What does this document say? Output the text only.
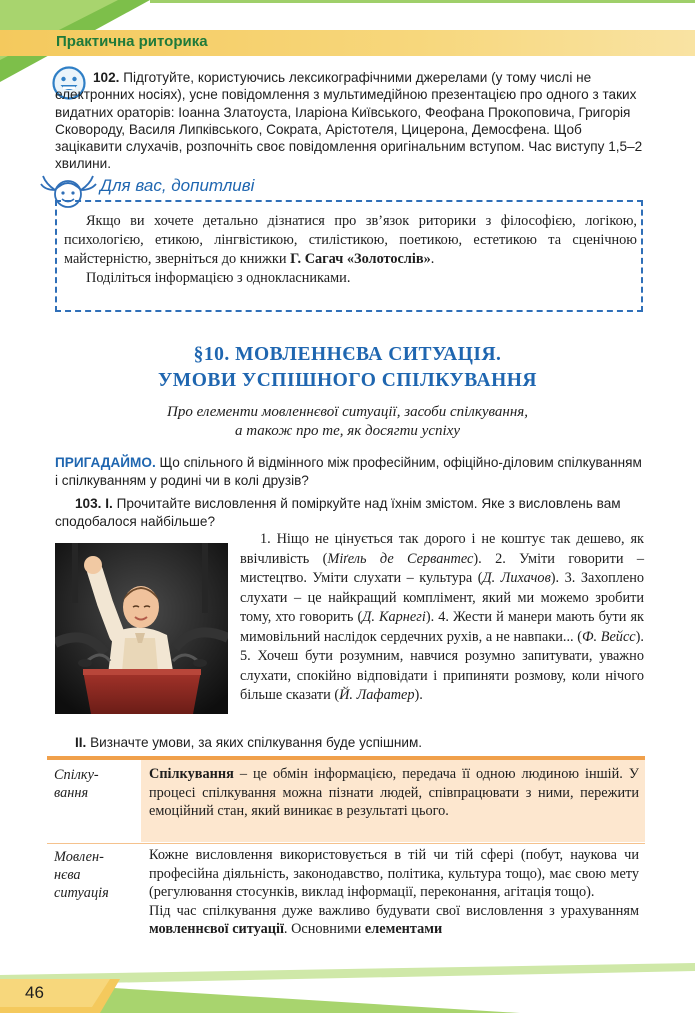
Практична риторика
102. Підготуйте, користуючись лексикографічними джерелами (у тому числі не електронних носіях), усне повідомлення з мультимедійною презентацією про одного з таких видатних ораторів: Іоанна Златоуста, Іларіона Київського, Феофана Прокоповича, Григорія Сковороду, Василя Липківського, Сократа, Арістотеля, Цицерона, Демосфена. Щоб зацікавити слухачів, розпочніть своє повідомлення оригінальним вступом. Час виступу 1,5–2 хвилини.
Для вас, допитливі
Якщо ви хочете детально дізнатися про зв’язок риторики з філософією, логікою, психологією, етикою, лінгвістикою, стилістикою, поетикою, естетикою та сценічною майстерністю, зверніться до книжки Г. Сагач «Золотослів».
Поділіться інформацією з однокласниками.
§10. МОВЛЕННЄВА СИТУАЦІЯ.
УМОВИ УСПІШНОГО СПІЛКУВАННЯ
Про елементи мовленнєвої ситуації, засоби спілкування,
а також про те, як досягти успіху
ПРИГАДАЙМО. Що спільного й відмінного між професійним, офіційно-діловим спілкуванням і спілкуванням у родині чи в колі друзів?
103. І. Прочитайте висловлення й поміркуйте над їхнім змістом. Яке з висловлень вам сподобалося найбільше?
1. Ніщо не цінується так дорого і не коштує так дешево, як ввічливість (Міґель де Сервантес). 2. Уміти говорити – мистецтво. Уміти слухати – культура (Д. Лихачов). 3. Захоплено слухати – це найкращий комплімент, який ми можемо зробити тому, хто говорить (Д. Карнегі). 4. Жести й манери мають бути як мимовільний наслідок сердечних рухів, а не навпаки... (Ф. Вейсс). 5. Хочеш бути розумним, навчися розумно запитувати, уважно слухати, спокійно відповідати і припиняти розмову, коли нічого більше сказати (Й. Лафатер).
ІІ. Визначте умови, за яких спілкування буде успішним.
Спілку-
вання
Спілкування – це обмін інформацією, передача її одною людиною іншій. У процесі спілкування можна пізнати людей, співпрацювати з ними, пережити емоційний стан, який виникає в результаті цього.
Мовлен-
нєва
ситуація
Кожне висловлення використовується в тій чи тій сфері (побут, наукова чи професійна діяльність, законодавство, політика, культура тощо), має свою мету (регулювання стосунків, виклад інформації, переконання, агітація тощо).
Під час спілкування дуже важливо будувати свої висловлення з урахуванням мовленнєвої ситуації. Основними елементами
46
